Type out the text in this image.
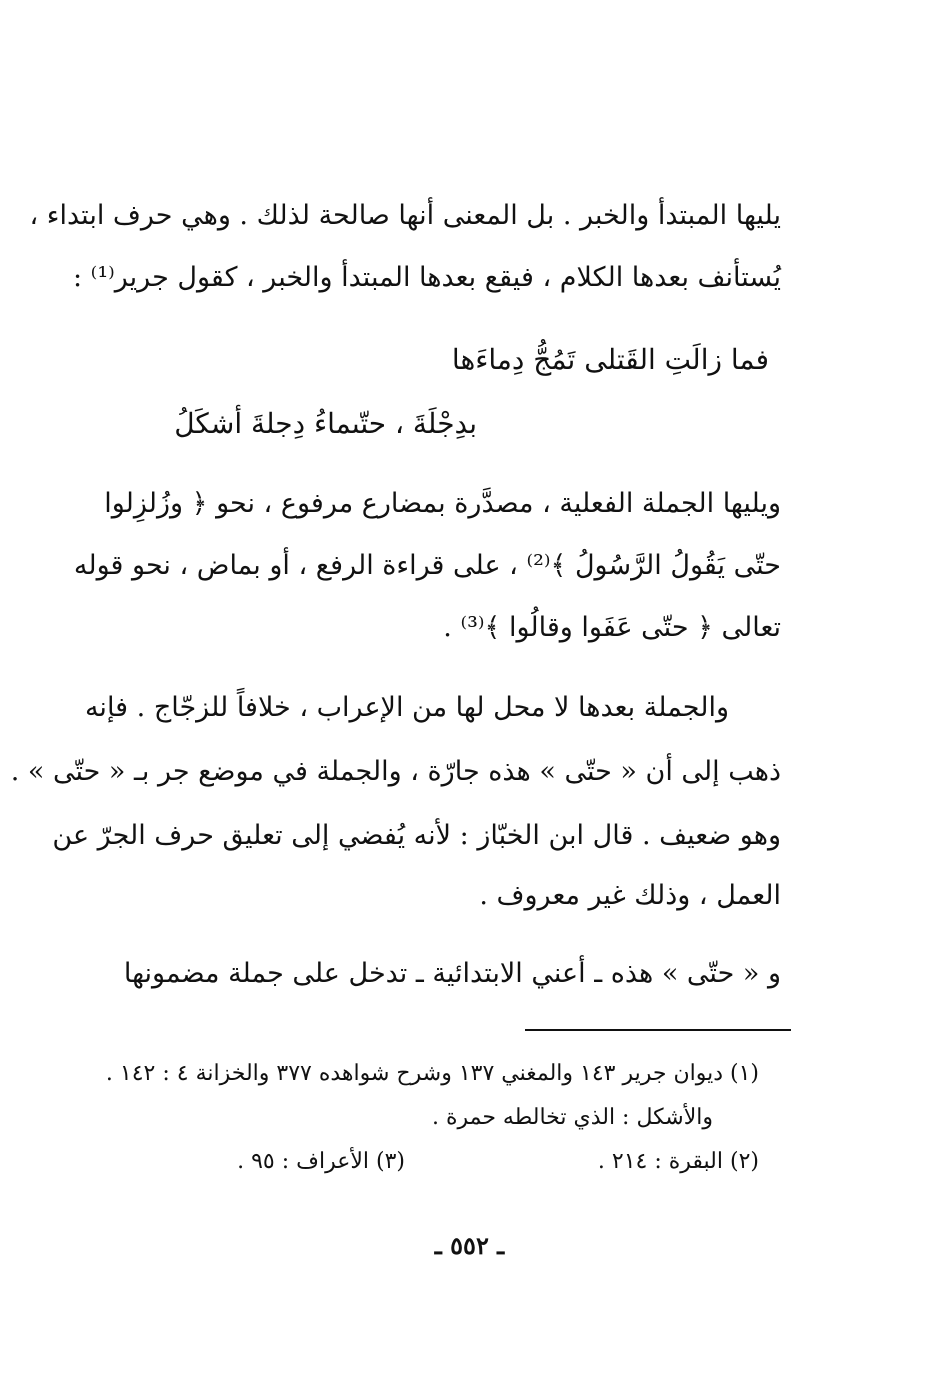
يليها المبتدأ والخبر . بل المعنى أنها صالحة لذلك . وهي حرف ابتداء ،
يُستأنف بعدها الكلام ، فيقع بعدها المبتدأ والخبر ، كقول جرير⁽¹⁾ :
فما زالَتِ القَتلى تَمُجُّ دِماءَها
بدِجْلَةَ ، حتّىماءُ دِجلةَ أشكَلُ
ويليها الجملة الفعلية ، مصدَّرة بمضارع مرفوع ، نحو ﴿ وزُلزِلوا
حتّى يَقُولُ الرَّسُولُ ﴾⁽²⁾ ، على قراءة الرفع ، أو بماض ، نحو قوله
تعالى ﴿ حتّى عَفَوا وقالُوا ﴾⁽³⁾ .
والجملة بعدها لا محل لها من الإعراب ، خلافاً للزجّاج . فإنه
ذهب إلى أن « حتّى » هذه جارّة ، والجملة في موضع جر بـ « حتّى » .
وهو ضعيف . قال ابن الخبّاز : لأنه يُفضي إلى تعليق حرف الجرّ عن
العمل ، وذلك غير معروف .
و « حتّى » هذه ـ أعني الابتدائية ـ تدخل على جملة مضمونها
(١) ديوان جرير ١٤٣ والمغني ١٣٧ وشرح شواهده ٣٧٧ والخزانة ٤ : ١٤٢ .
والأشكل : الذي تخالطه حمرة .
(٢) البقرة : ٢١٤ .
(٣) الأعراف : ٩٥ .
ـ ٥٥٢ ـ
